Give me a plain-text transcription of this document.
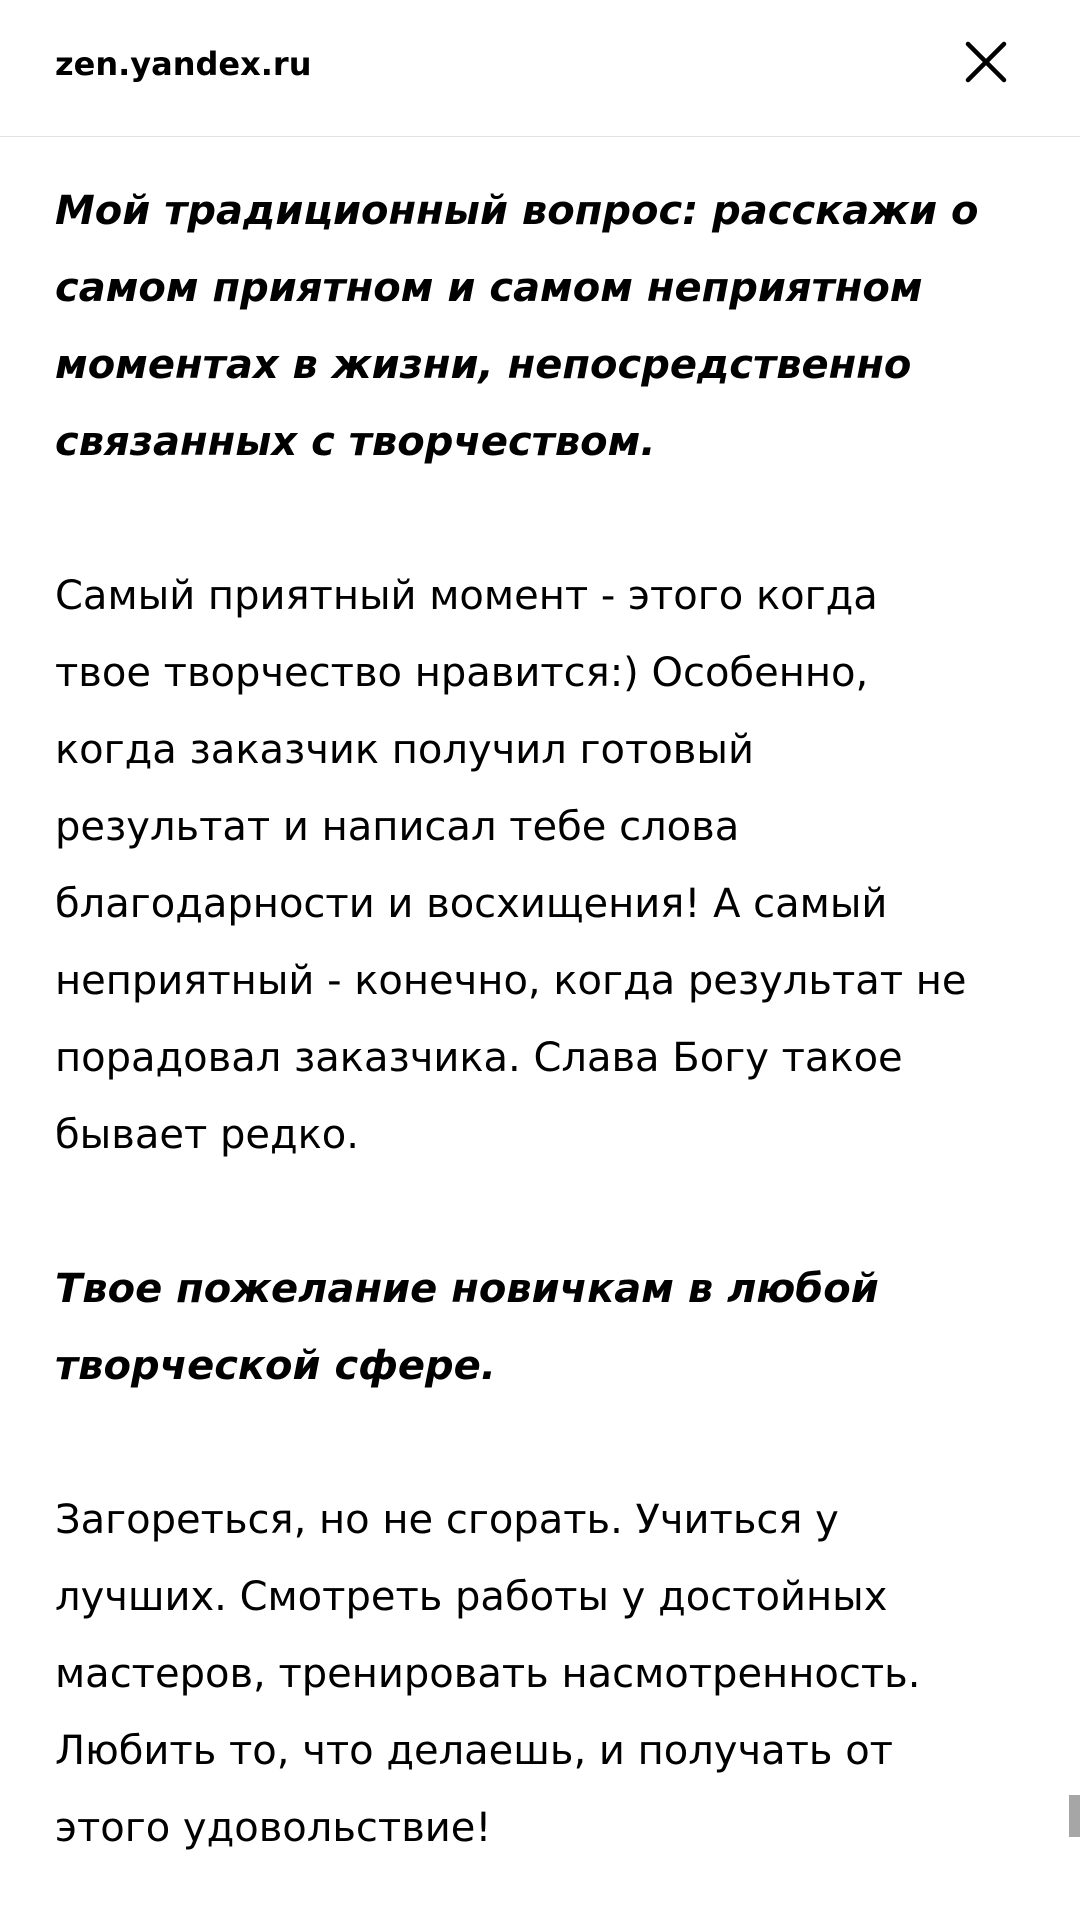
zen.yandex.ru

Мой традиционный вопрос: расскажи о
самом приятном и самом неприятном
моментах в жизни, непосредственно
связанных с творчеством.

Самый приятный момент - этого когда
твое творчество нравится:) Особенно,
когда заказчик получил готовый
результат и написал тебе слова
благодарности и восхищения! А самый
неприятный - конечно, когда результат не
порадовал заказчика. Слава Богу такое
бывает редко.

Твое пожелание новичкам в любой
творческой сфере.

Загореться, но не сгорать. Учиться у
лучших. Смотреть работы у достойных
мастеров, тренировать насмотренность.
Любить то, что делаешь, и получать от
этого удовольствие!
